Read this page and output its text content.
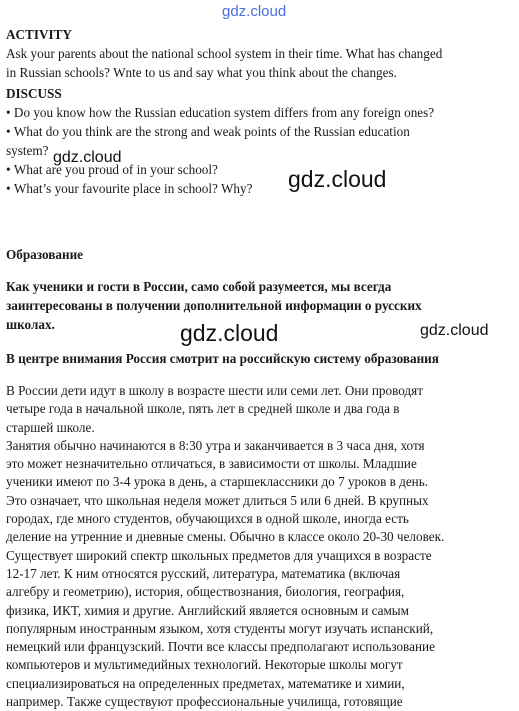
gdz.cloud
ACTIVITY
Ask your parents about the national school system in their time. What has changed
in Russian schools? Wnte to us and say what you think about the changes.
DISCUSS
• Do you know how the Russian education system differs from any foreign ones?
• What do you think are the strong and weak points of the Russian education
system?
• What are you proud of in your school?
• What’s your favourite place in school? Why?
Образование
Как ученики и гости в России, само собой разумеется, мы всегда
заинтересованы в получении дополнительной информации о русских
школах.
В центре внимания Россия смотрит на российскую систему образования
В России дети идут в школу в возрасте шести или семи лет. Они проводят
четыре года в начальной школе, пять лет в средней школе и два года в
старшей школе.
Занятия обычно начинаются в 8:30 утра и заканчивается в 3 часа дня, хотя
это может незначительно отличаться, в зависимости от школы. Младшие
ученики имеют по 3-4 урока в день, а старшеклассники до 7 уроков в день.
Это означает, что школьная неделя может длиться 5 или 6 дней. В крупных
городах, где много студентов, обучающихся в одной школе, иногда есть
деление на утренние и дневные смены. Обычно в классе около 20-30 человек.
Существует широкий спектр школьных предметов для учащихся в возрасте
12-17 лет. К ним относятся русский, литература, математика (включая
алгебру и геометрию), история, обществознания, биология, география,
физика, ИКТ, химия и другие. Английский является основным и самым
популярным иностранным языком, хотя студенты могут изучать испанский,
немецкий или французский. Почти все классы предполагают использование
компьютеров и мультимедийных технологий. Некоторые школы могут
специализироваться на определенных предметах, математике и химии,
например. Также существуют профессиональные училища, готовящие
gdz.cloud
gdz.cloud
gdz.cloud	gdz.cloud
